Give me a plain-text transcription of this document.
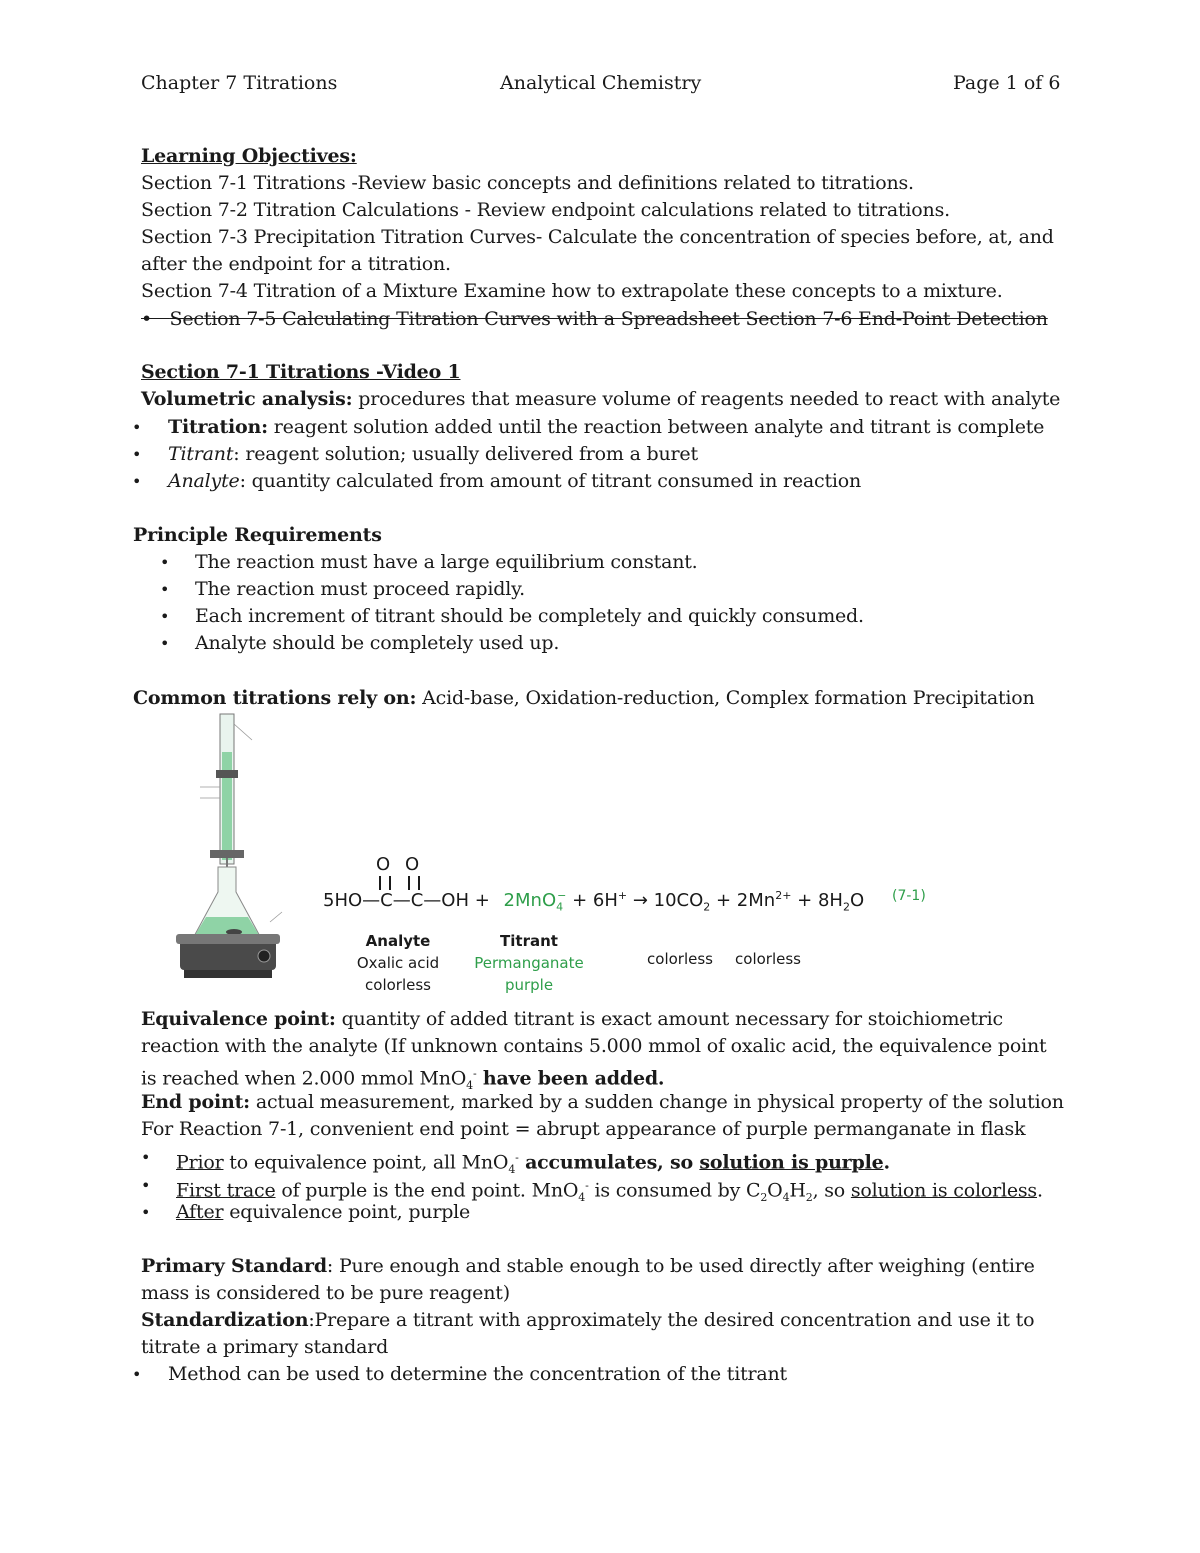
Chapter 7 Titrations	Analytical Chemistry	Page 1 of 6
Learning Objectives:
Section 7-1 Titrations -Review basic concepts and definitions related to titrations.
Section 7-2 Titration Calculations - Review endpoint calculations related to titrations.
Section 7-3 Precipitation Titration Curves- Calculate the concentration of species before, at, and
after the endpoint for a titration.
Section 7-4 Titration of a Mixture Examine how to extrapolate these concepts to a mixture.
•   Section 7-5 Calculating Titration Curves with a Spreadsheet Section 7-6 End-Point Detection
Section 7-1 Titrations -Video 1
Volumetric analysis: procedures that measure volume of reagents needed to react with analyte
• Titration: reagent solution added until the reaction between analyte and titrant is complete
• Titrant: reagent solution; usually delivered from a buret
• Analyte: quantity calculated from amount of titrant consumed in reaction
Principle Requirements
• The reaction must have a large equilibrium constant.
• The reaction must proceed rapidly.
• Each increment of titrant should be completely and quickly consumed.
• Analyte should be completely used up.
Common titrations rely on: Acid-base, Oxidation-reduction, Complex formation Precipitation
O O
5HO—C—C—OH + $2MnO_4^- + 6H^+ \to 10CO_2 + 2Mn^{2+} + 8H_2O$ (7-1)
Analyte
Oxalic acid
colorless
Titrant
Permanganate
purple
colorless	colorless
Equivalence point: quantity of added titrant is exact amount necessary for stoichiometric
reaction with the analyte (If unknown contains 5.000 mmol of oxalic acid, the equivalence point
is reached when 2.000 mmol MnO$_4$- have been added.
End point: actual measurement, marked by a sudden change in physical property of the solution
For Reaction 7-1, convenient end point = abrupt appearance of purple permanganate in flask
• Prior to equivalence point, all MnO$_4$- accumulates, so solution is purple.
• First trace of purple is the end point. MnO$_4$- is consumed by $C_2O_4H_2$, so solution is colorless.
• After equivalence point, purple
Primary Standard: Pure enough and stable enough to be used directly after weighing (entire
mass is considered to be pure reagent)
Standardization:Prepare a titrant with approximately the desired concentration and use it to
titrate a primary standard
• Method can be used to determine the concentration of the titrant
